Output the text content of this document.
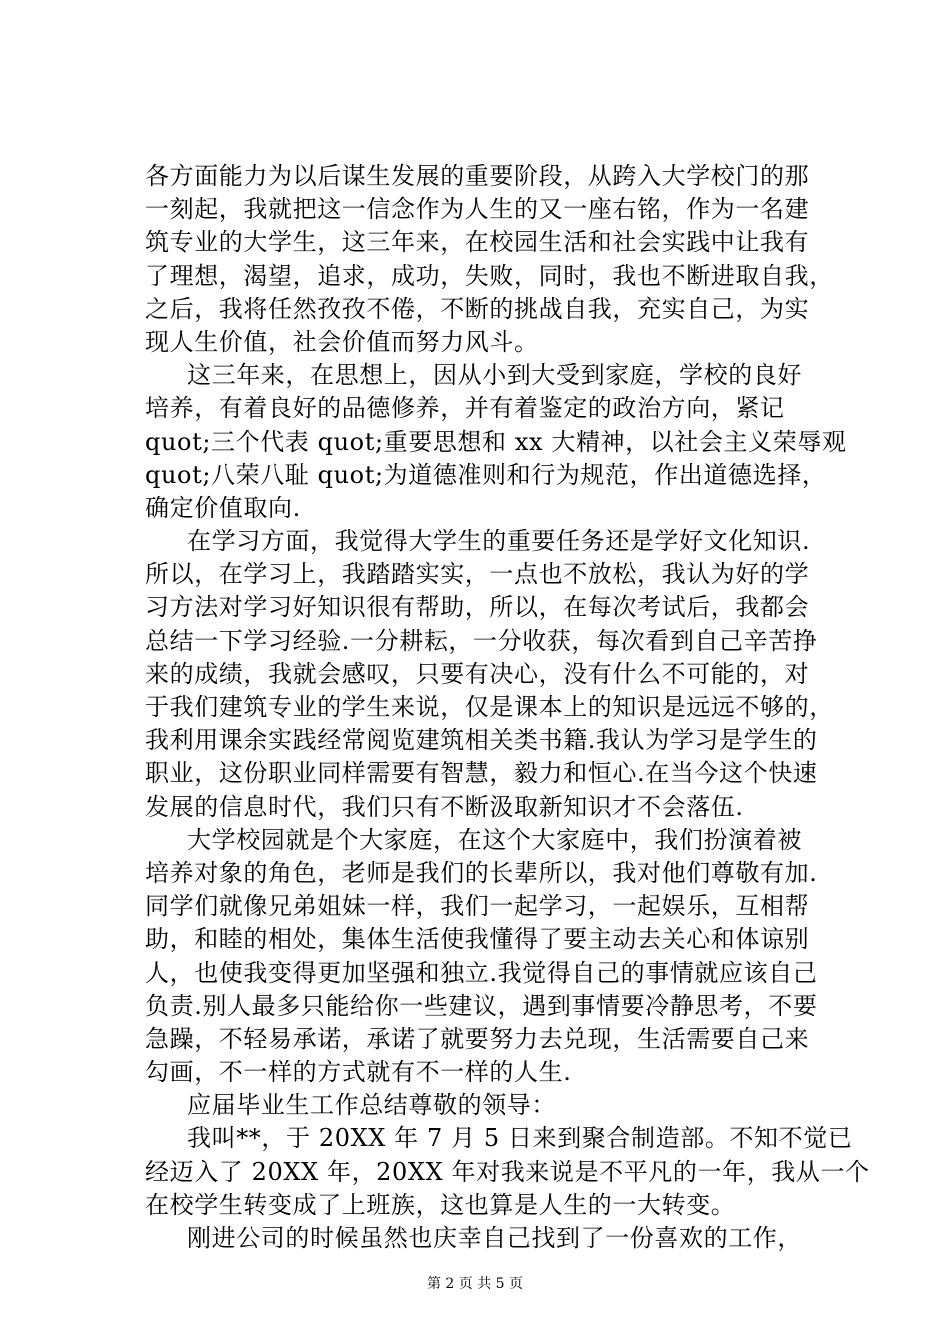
各方面能力为以后谋生发展的重要阶段，从跨入大学校门的那
一刻起，我就把这一信念作为人生的又一座右铭，作为一名建
筑专业的大学生，这三年来，在校园生活和社会实践中让我有
了理想，渴望，追求，成功，失败，同时，我也不断进取自我，
之后，我将任然孜孜不倦，不断的挑战自我，充实自己，为实
现人生价值，社会价值而努力风斗。
这三年来，在思想上，因从小到大受到家庭，学校的良好
培养，有着良好的品德修养，并有着鉴定的政治方向，紧记
quot;三个代表 quot;重要思想和 xx 大精神，以社会主义荣辱观
quot;八荣八耻 quot;为道德准则和行为规范，作出道德选择，
确定价值取向.
在学习方面，我觉得大学生的重要任务还是学好文化知识.
所以，在学习上，我踏踏实实，一点也不放松，我认为好的学
习方法对学习好知识很有帮助，所以，在每次考试后，我都会
总结一下学习经验.一分耕耘，一分收获，每次看到自己辛苦挣
来的成绩，我就会感叹，只要有决心，没有什么不可能的，对
于我们建筑专业的学生来说，仅是课本上的知识是远远不够的，
我利用课余实践经常阅览建筑相关类书籍.我认为学习是学生的
职业，这份职业同样需要有智慧，毅力和恒心.在当今这个快速
发展的信息时代，我们只有不断汲取新知识才不会落伍.
大学校园就是个大家庭，在这个大家庭中，我们扮演着被
培养对象的角色，老师是我们的长辈所以，我对他们尊敬有加.
同学们就像兄弟姐妹一样，我们一起学习，一起娱乐，互相帮
助，和睦的相处，集体生活使我懂得了要主动去关心和体谅别
人，也使我变得更加坚强和独立.我觉得自己的事情就应该自己
负责.别人最多只能给你一些建议，遇到事情要冷静思考，不要
急躁，不轻易承诺，承诺了就要努力去兑现，生活需要自己来
勾画，不一样的方式就有不一样的人生.
应届毕业生工作总结尊敬的领导：
我叫**，于 20XX 年 7 月 5 日来到聚合制造部。不知不觉已
经迈入了 20XX 年，20XX 年对我来说是不平凡的一年，我从一个
在校学生转变成了上班族，这也算是人生的一大转变。
刚进公司的时候虽然也庆幸自己找到了一份喜欢的工作，
第 2 页 共 5 页
